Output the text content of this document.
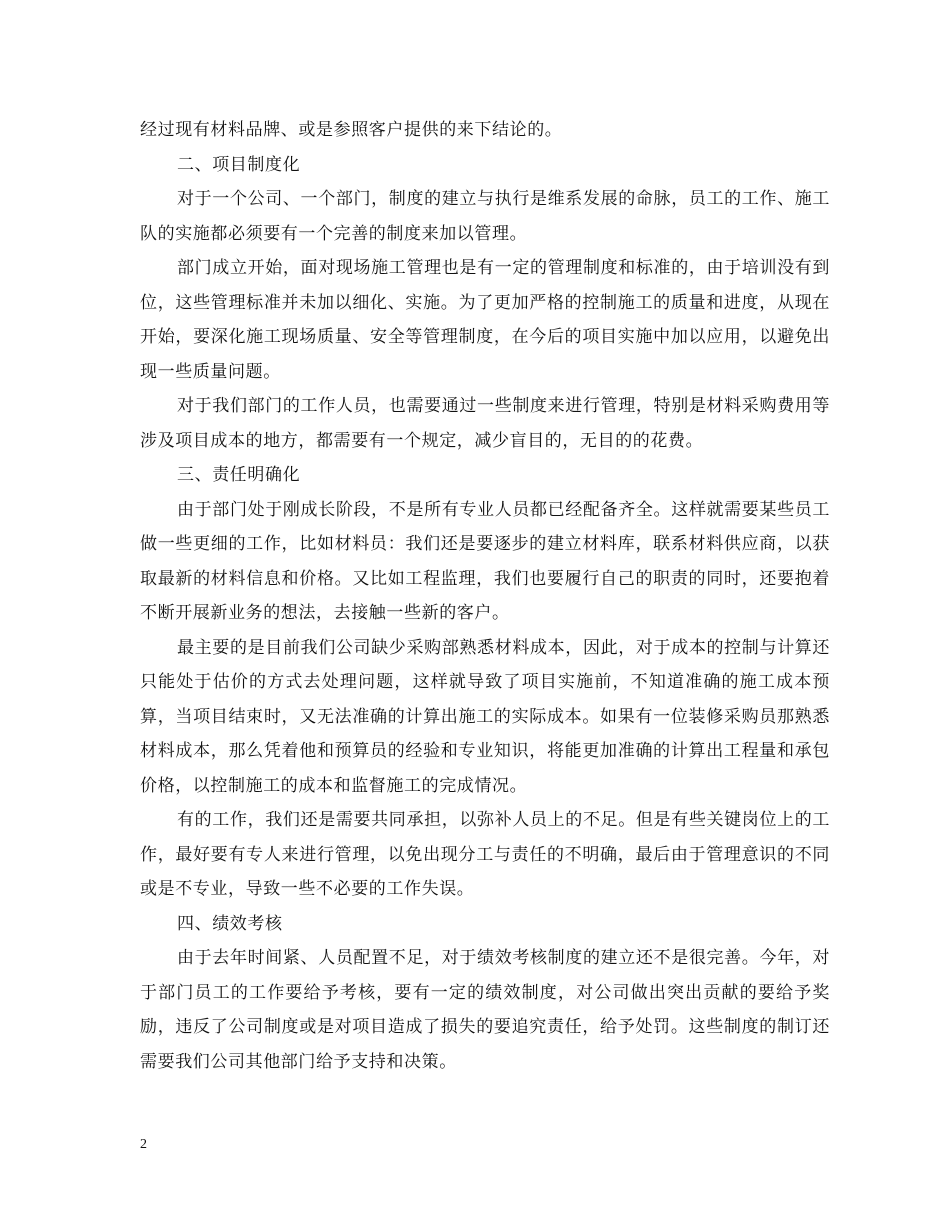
经过现有材料品牌、或是参照客户提供的来下结论的。

二、项目制度化

对于一个公司、一个部门，制度的建立与执行是维系发展的命脉，员工的工作、施工队的实施都必须要有一个完善的制度来加以管理。

部门成立开始，面对现场施工管理也是有一定的管理制度和标准的，由于培训没有到位，这些管理标准并未加以细化、实施。为了更加严格的控制施工的质量和进度，从现在开始，要深化施工现场质量、安全等管理制度，在今后的项目实施中加以应用，以避免出现一些质量问题。

对于我们部门的工作人员，也需要通过一些制度来进行管理，特别是材料采购费用等涉及项目成本的地方，都需要有一个规定，减少盲目的，无目的的花费。

三、责任明确化

由于部门处于刚成长阶段，不是所有专业人员都已经配备齐全。这样就需要某些员工做一些更细的工作，比如材料员：我们还是要逐步的建立材料库，联系材料供应商，以获取最新的材料信息和价格。又比如工程监理，我们也要履行自己的职责的同时，还要抱着不断开展新业务的想法，去接触一些新的客户。

最主要的是目前我们公司缺少采购部熟悉材料成本，因此，对于成本的控制与计算还只能处于估价的方式去处理问题，这样就导致了项目实施前，不知道准确的施工成本预算，当项目结束时，又无法准确的计算出施工的实际成本。如果有一位装修采购员那熟悉材料成本，那么凭着他和预算员的经验和专业知识，将能更加准确的计算出工程量和承包价格，以控制施工的成本和监督施工的完成情况。

有的工作，我们还是需要共同承担，以弥补人员上的不足。但是有些关键岗位上的工作，最好要有专人来进行管理，以免出现分工与责任的不明确，最后由于管理意识的不同或是不专业，导致一些不必要的工作失误。

四、绩效考核

由于去年时间紧、人员配置不足，对于绩效考核制度的建立还不是很完善。今年，对于部门员工的工作要给予考核，要有一定的绩效制度，对公司做出突出贡献的要给予奖励，违反了公司制度或是对项目造成了损失的要追究责任，给予处罚。这些制度的制订还需要我们公司其他部门给予支持和决策。

2
